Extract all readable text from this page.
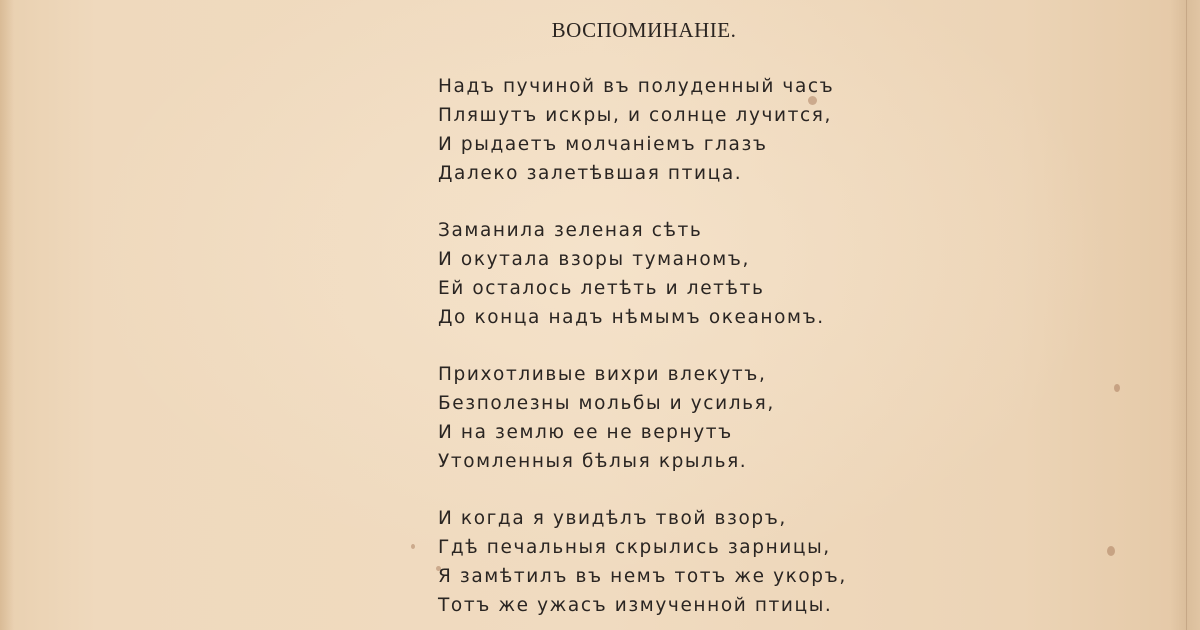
ВОСПОМИНАНІЕ.
Надъ пучиной въ полуденный часъ
Пляшутъ искры, и солнце лучится,
И рыдаетъ молчаніемъ глазъ
Далеко залетѣвшая птица.
Заманила зеленая сѣть
И окутала взоры туманомъ,
Ей осталось летѣть и летѣть
До конца надъ нѣмымъ океаномъ.
Прихотливые вихри влекутъ,
Безполезны мольбы и усилья,
И на землю ее не вернутъ
Утомленныя бѣлыя крылья.
И когда я увидѣлъ твой взоръ,
Гдѣ печальныя скрылись зарницы,
Я замѣтилъ въ немъ тотъ же укоръ,
Тотъ же ужасъ измученной птицы.
